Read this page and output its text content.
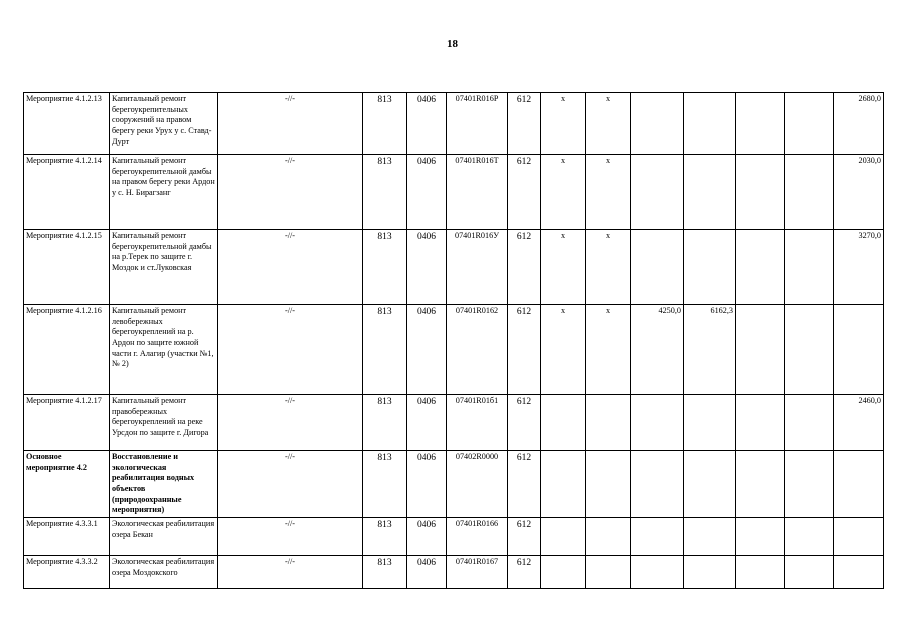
18
Мероприятие 4.1.2.13	Капитальный ремонт берегоукрепительных сооружений на правом берегу реки Урух у с. Ставд-Дурт	-//-	813	0406	07401R016Р	612	х	х					2680,0
Мероприятие 4.1.2.14	Капитальный ремонт берегоукрепительной дамбы на правом берегу реки Ардон у с. Н. Бирагзанг	-//-	813	0406	07401R016Т	612	х	х					2030,0
Мероприятие 4.1.2.15	Капитальный ремонт берегоукрепительной дамбы на р.Терек по защите г. Моздок и ст.Луковская	-//-	813	0406	07401R016У	612	х	х					3270,0
Мероприятие 4.1.2.16	Капитальный ремонт левобережных берегоукреплений на р. Ардон по защите южной части г. Алагир (участки №1, № 2)	-//-	813	0406	07401R0162	612	х	х	4250,0	6162,3			
Мероприятие 4.1.2.17	Капитальный ремонт правобережных берегоукреплений на реке Урсдон по защите г. Дигора	-//-	813	0406	07401R01б1	612							2460,0
Основное мероприятие 4.2	Восстановление и экологическая реабилитация водных объектов (природоохранные мероприятия)	-//-	813	0406	07402R0000	612							
Мероприятие 4.3.3.1	Экологическая реабилитация озера Бекан	-//-	813	0406	07401R0166	612							
Мероприятие 4.3.3.2	Экологическая реабилитация озера Моздокского	-//-	813	0406	07401R0167	612							
